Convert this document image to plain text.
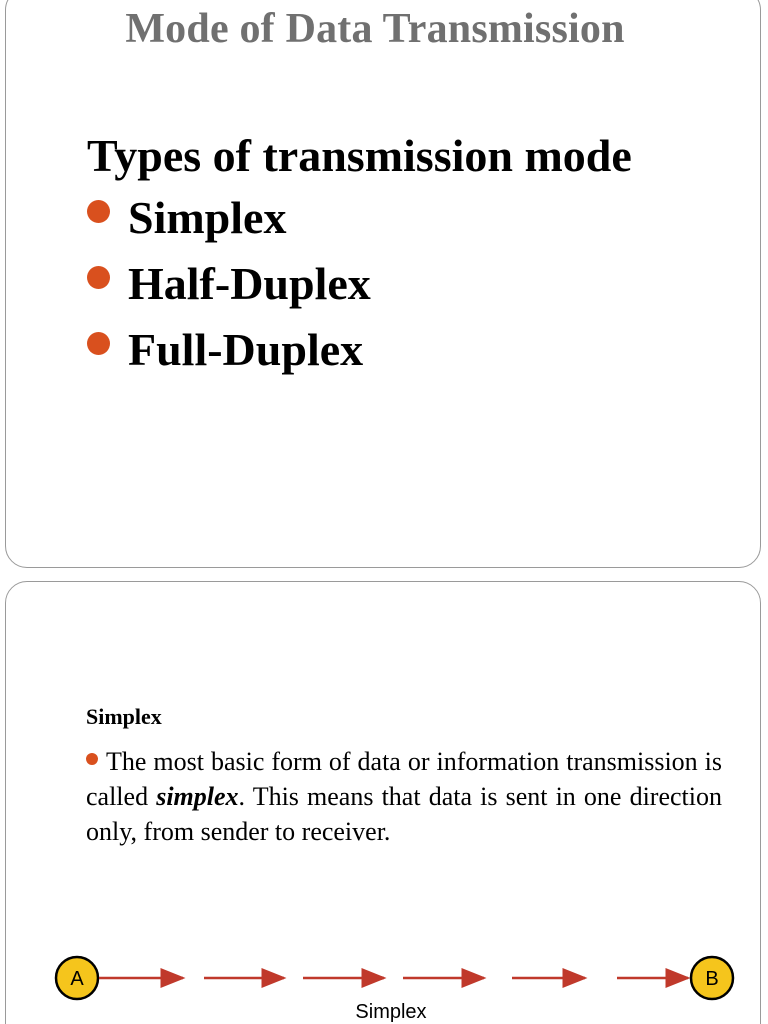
Mode of Data Transmission
Types of transmission mode
Simplex
Half-Duplex
Full-Duplex
Simplex

The most basic form of data or information transmission is called simplex. This means that data is sent in one direction only, from sender to receiver.

A	B
Simplex
